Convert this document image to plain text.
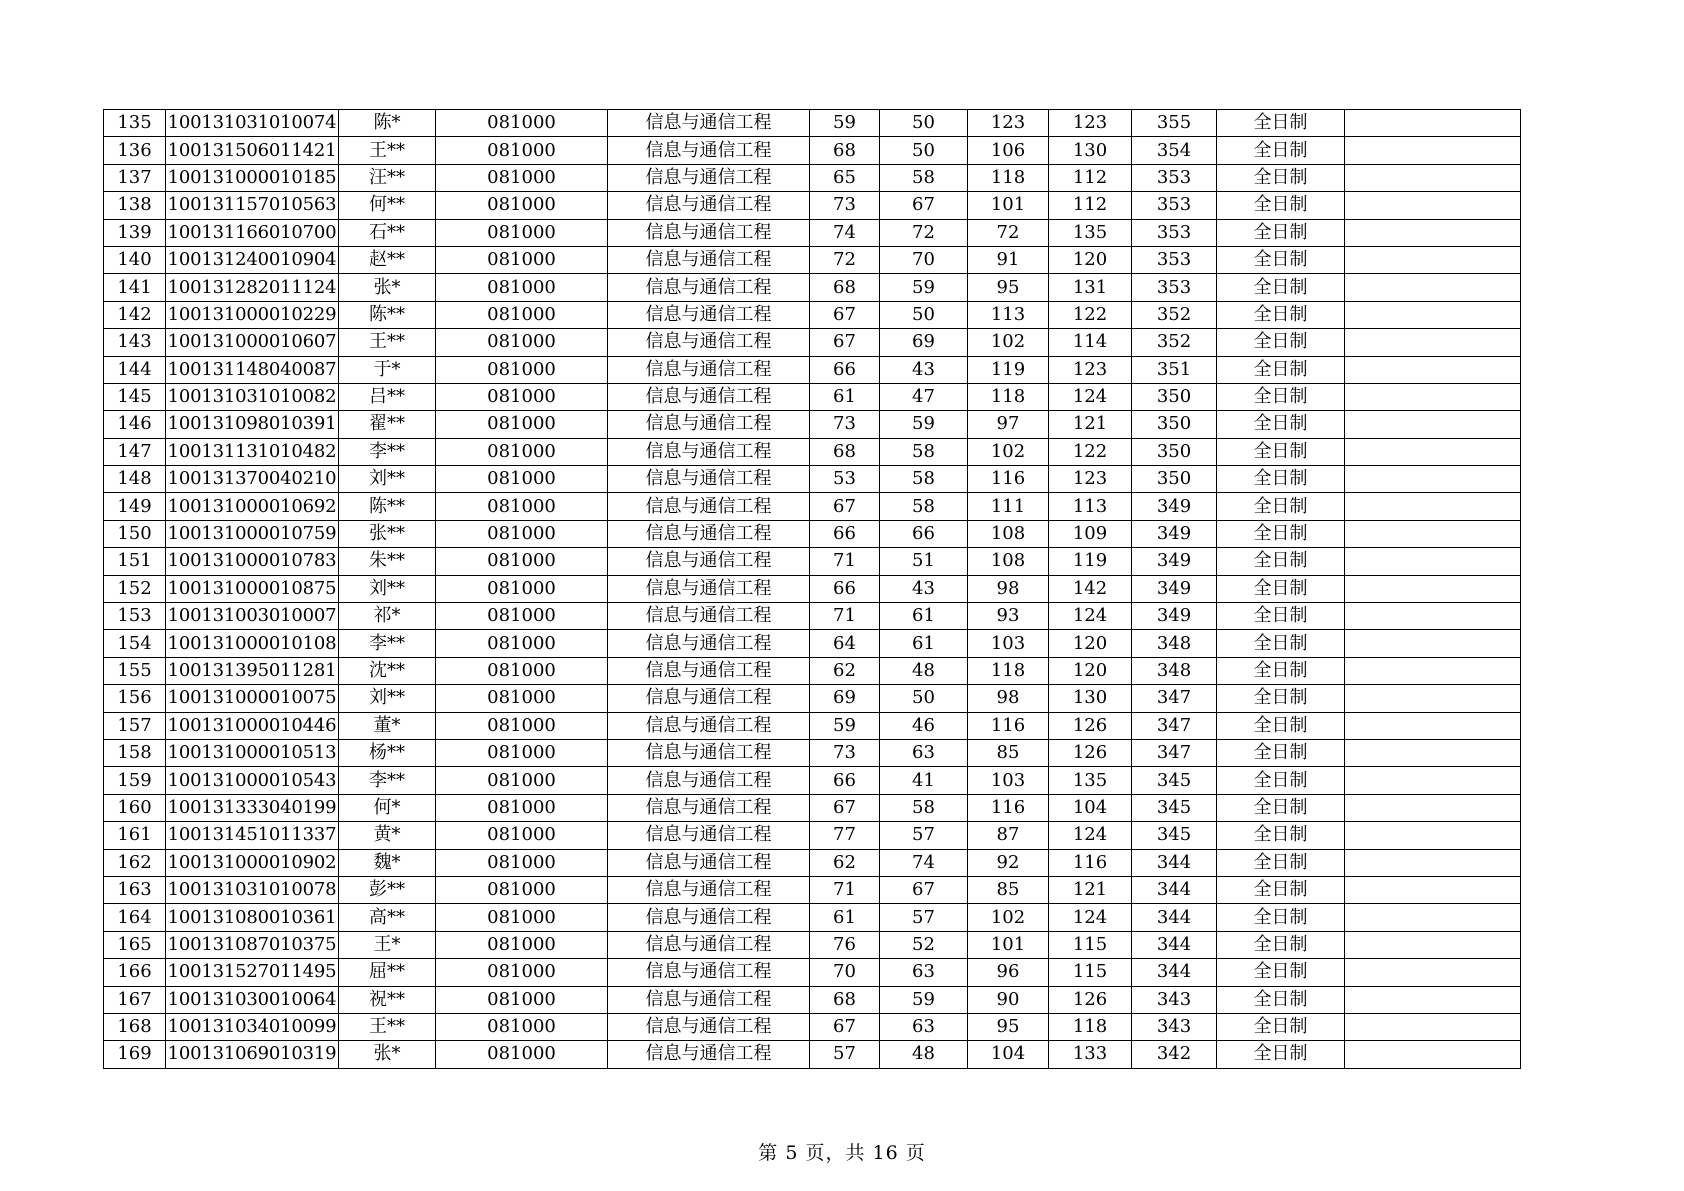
135	100131031010074	陈*	081000	信息与通信工程	59	50	123	123	355	全日制	
136	100131506011421	王**	081000	信息与通信工程	68	50	106	130	354	全日制	
137	100131000010185	汪**	081000	信息与通信工程	65	58	118	112	353	全日制	
138	100131157010563	何**	081000	信息与通信工程	73	67	101	112	353	全日制	
139	100131166010700	石**	081000	信息与通信工程	74	72	72	135	353	全日制	
140	100131240010904	赵**	081000	信息与通信工程	72	70	91	120	353	全日制	
141	100131282011124	张*	081000	信息与通信工程	68	59	95	131	353	全日制	
142	100131000010229	陈**	081000	信息与通信工程	67	50	113	122	352	全日制	
143	100131000010607	王**	081000	信息与通信工程	67	69	102	114	352	全日制	
144	100131148040087	于*	081000	信息与通信工程	66	43	119	123	351	全日制	
145	100131031010082	吕**	081000	信息与通信工程	61	47	118	124	350	全日制	
146	100131098010391	翟**	081000	信息与通信工程	73	59	97	121	350	全日制	
147	100131131010482	李**	081000	信息与通信工程	68	58	102	122	350	全日制	
148	100131370040210	刘**	081000	信息与通信工程	53	58	116	123	350	全日制	
149	100131000010692	陈**	081000	信息与通信工程	67	58	111	113	349	全日制	
150	100131000010759	张**	081000	信息与通信工程	66	66	108	109	349	全日制	
151	100131000010783	朱**	081000	信息与通信工程	71	51	108	119	349	全日制	
152	100131000010875	刘**	081000	信息与通信工程	66	43	98	142	349	全日制	
153	100131003010007	祁*	081000	信息与通信工程	71	61	93	124	349	全日制	
154	100131000010108	李**	081000	信息与通信工程	64	61	103	120	348	全日制	
155	100131395011281	沈**	081000	信息与通信工程	62	48	118	120	348	全日制	
156	100131000010075	刘**	081000	信息与通信工程	69	50	98	130	347	全日制	
157	100131000010446	董*	081000	信息与通信工程	59	46	116	126	347	全日制	
158	100131000010513	杨**	081000	信息与通信工程	73	63	85	126	347	全日制	
159	100131000010543	李**	081000	信息与通信工程	66	41	103	135	345	全日制	
160	100131333040199	何*	081000	信息与通信工程	67	58	116	104	345	全日制	
161	100131451011337	黄*	081000	信息与通信工程	77	57	87	124	345	全日制	
162	100131000010902	魏*	081000	信息与通信工程	62	74	92	116	344	全日制	
163	100131031010078	彭**	081000	信息与通信工程	71	67	85	121	344	全日制	
164	100131080010361	高**	081000	信息与通信工程	61	57	102	124	344	全日制	
165	100131087010375	王*	081000	信息与通信工程	76	52	101	115	344	全日制	
166	100131527011495	屈**	081000	信息与通信工程	70	63	96	115	344	全日制	
167	100131030010064	祝**	081000	信息与通信工程	68	59	90	126	343	全日制	
168	100131034010099	王**	081000	信息与通信工程	67	63	95	118	343	全日制	
169	100131069010319	张*	081000	信息与通信工程	57	48	104	133	342	全日制	
第 5 页，共 16 页
